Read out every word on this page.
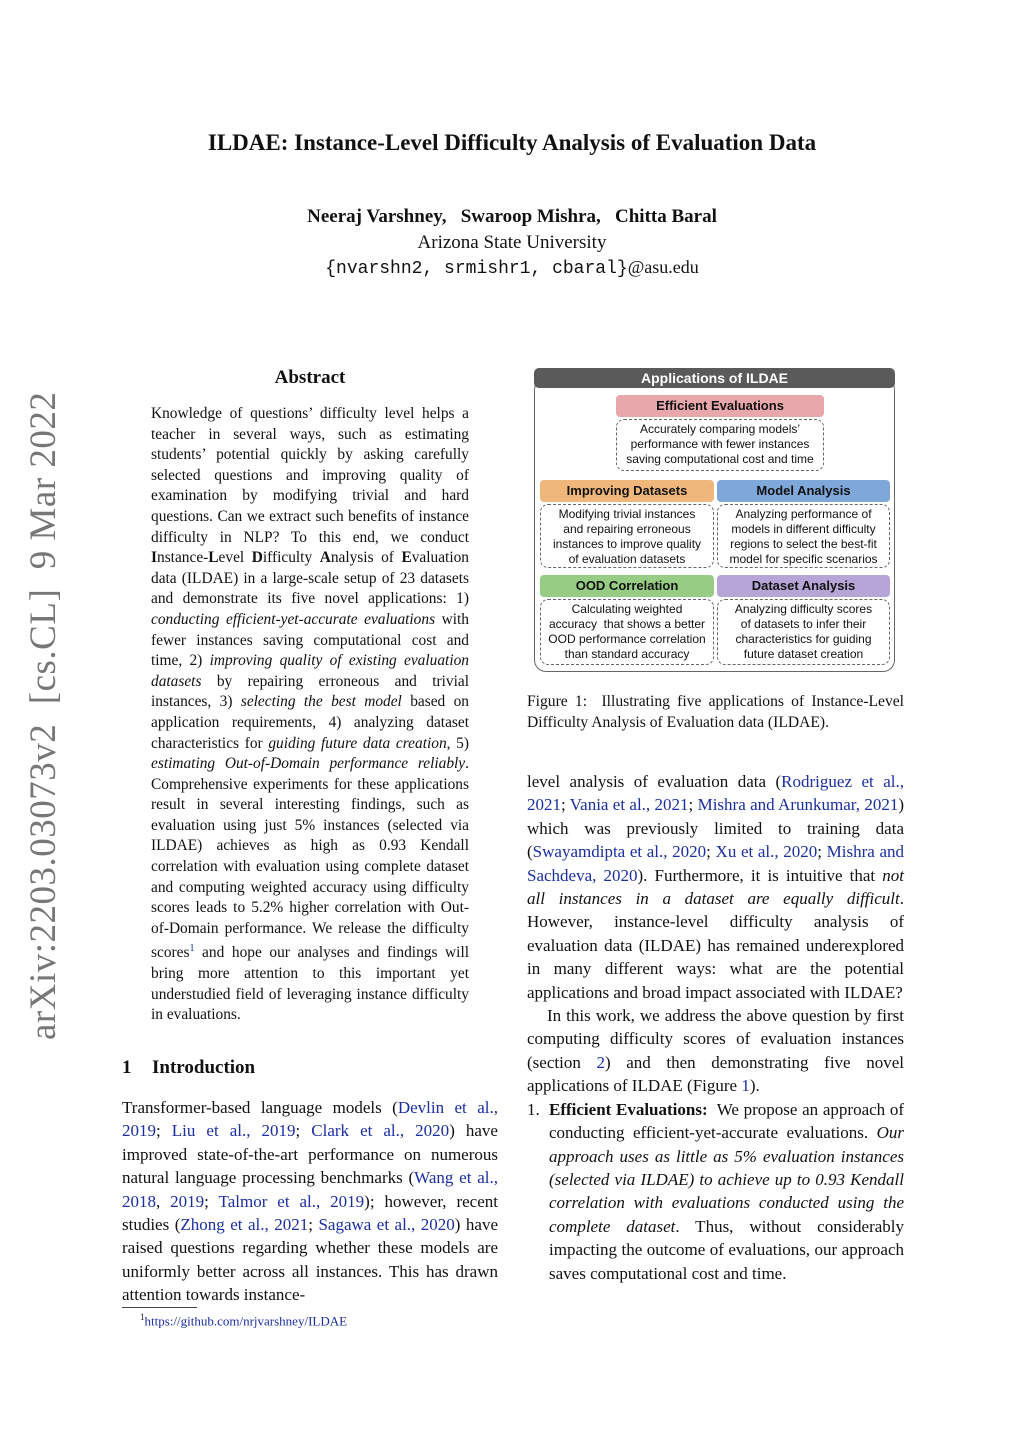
ILDAE: Instance-Level Difficulty Analysis of Evaluation Data
Neeraj Varshney,   Swaroop Mishra,   Chitta Baral
Arizona State University
{nvarshn2, srmishr1, cbaral}@asu.edu
arXiv:2203.03073v2  [cs.CL]  9 Mar 2022
Abstract
Knowledge of questions’ difficulty level helps a teacher in several ways, such as estimating students’ potential quickly by asking carefully selected questions and improving quality of examination by modifying trivial and hard questions. Can we extract such benefits of instance difficulty in NLP? To this end, we conduct Instance-Level Difficulty Analysis of Evaluation data (ILDAE) in a large-scale setup of 23 datasets and demonstrate its five novel applications: 1) conducting efficient-yet-accurate evaluations with fewer instances saving computational cost and time, 2) improving quality of existing evaluation datasets by repairing erroneous and trivial instances, 3) selecting the best model based on application requirements, 4) analyzing dataset characteristics for guiding future data creation, 5) estimating Out-of-Domain performance reliably. Comprehensive experiments for these applications result in several interesting findings, such as evaluation using just 5% instances (selected via ILDAE) achieves as high as 0.93 Kendall correlation with evaluation using complete dataset and computing weighted accuracy using difficulty scores leads to 5.2% higher correlation with Out-of-Domain performance. We release the difficulty scores$^1$ and hope our analyses and findings will bring more attention to this important yet understudied field of leveraging instance difficulty in evaluations.
1 Introduction
Transformer-based language models (Devlin et al., 2019; Liu et al., 2019; Clark et al., 2020) have improved state-of-the-art performance on numerous natural language processing benchmarks (Wang et al., 2018, 2019; Talmor et al., 2019); however, recent studies (Zhong et al., 2021; Sagawa et al., 2020) have raised questions regarding whether these models are uniformly better across all instances. This has drawn attention towards instance-
$^1$https://github.com/nrjvarshney/ILDAE
Applications of ILDAE
Efficient Evaluations
Accurately comparing models’
performance with fewer instances
saving computational cost and time
Improving Datasets
Modifying trivial instances
and repairing erroneous
instances to improve quality
of evaluation datasets
Model Analysis
Analyzing performance of
models in different difficulty
regions to select the best-fit
model for specific scenarios
OOD Correlation
Calculating weighted
accuracy  that shows a better
OOD performance correlation
than standard accuracy
Dataset Analysis
Analyzing difficulty scores
of datasets to infer their
characteristics for guiding
future dataset creation
Figure 1:  Illustrating five applications of Instance-Level Difficulty Analysis of Evaluation data (ILDAE).

level analysis of evaluation data (Rodriguez et al., 2021; Vania et al., 2021; Mishra and Arunkumar, 2021) which was previously limited to training data (Swayamdipta et al., 2020; Xu et al., 2020; Mishra and Sachdeva, 2020). Furthermore, it is intuitive that not all instances in a dataset are equally difficult. However, instance-level difficulty analysis of evaluation data (ILDAE) has remained underexplored in many different ways: what are the potential applications and broad impact associated with ILDAE?

In this work, we address the above question by first computing difficulty scores of evaluation instances (section 2) and then demonstrating five novel applications of ILDAE (Figure 1).

1. Efficient Evaluations:  We propose an approach of conducting efficient-yet-accurate evaluations. Our approach uses as little as 5% evaluation instances (selected via ILDAE) to achieve up to 0.93 Kendall correlation with evaluations conducted using the complete dataset. Thus, without considerably impacting the outcome of evaluations, our approach saves computational cost and time.
